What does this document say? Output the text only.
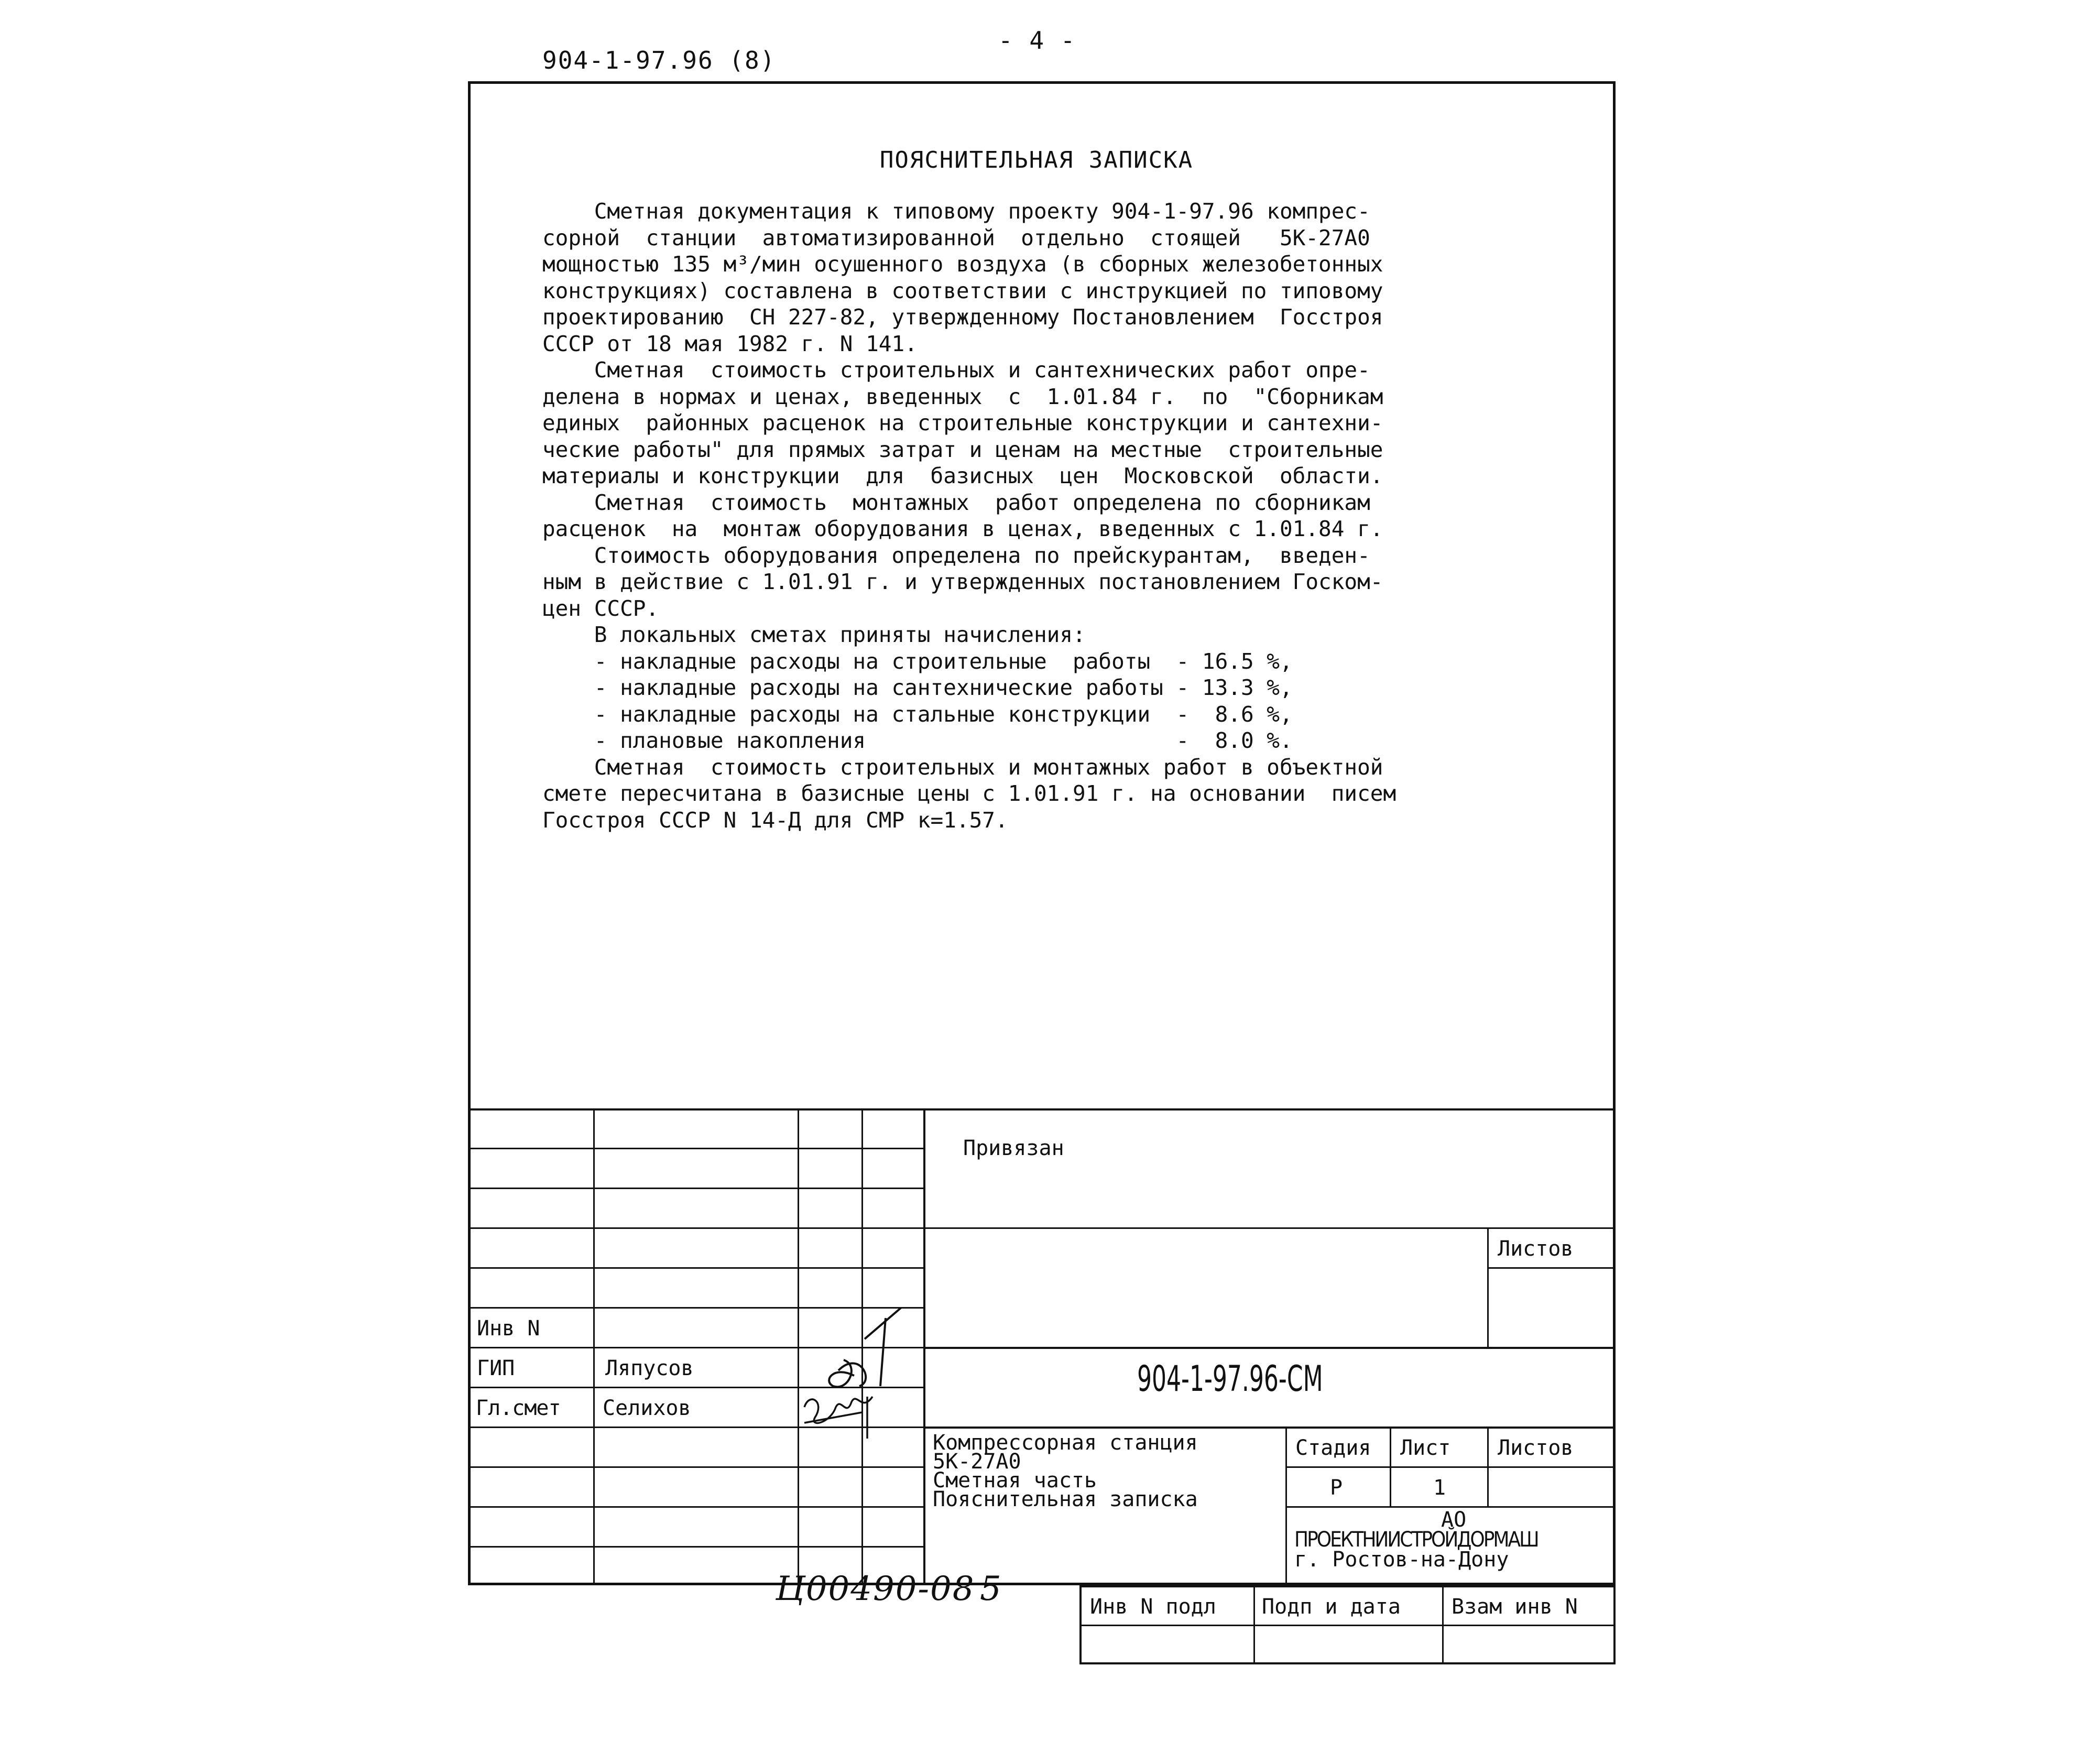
904-1-97.96 (8)
- 4 -
ПОЯСНИТЕЛЬНАЯ ЗАПИСКА
Сметная документация к типовому проекту 904-1-97.96 компрес-
сорной  станции  автоматизированной  отдельно  стоящей   5К-27А0
мощностью 135 м³/мин осушенного воздуха (в сборных железобетонных
конструкциях) составлена в соответствии с инструкцией по типовому
проектированию  СН 227-82, утвержденному Постановлением  Госстроя
СССР от 18 мая 1982 г. N 141.
Сметная  стоимость строительных и сантехнических работ опре-
делена в нормах и ценах, введенных  с  1.01.84 г.  по  "Сборникам
единых  районных расценок на строительные конструкции и сантехни-
ческие работы" для прямых затрат и ценам на местные  строительные
материалы и конструкции  для  базисных  цен  Московской  области.
Сметная  стоимость  монтажных  работ определена по сборникам
расценок  на  монтаж оборудования в ценах, введенных с 1.01.84 г.
Стоимость оборудования определена по прейскурантам,  введен-
ным в действие с 1.01.91 г. и утвержденных постановлением Госком-
цен СССР.
В локальных сметах приняты начисления:
- накладные расходы на строительные  работы  - 16.5 %,
- накладные расходы на сантехнические работы - 13.3 %,
- накладные расходы на стальные конструкции  -  8.6 %,
- плановые накопления                        -  8.0 %.
Сметная  стоимость строительных и монтажных работ в объектной
смете пересчитана в базисные цены с 1.01.91 г. на основании  писем
Госстроя СССР N 14-Д для СМР к=1.57.
Привязан
Листов
Инв N
ГИП	Ляпусов
Гл.смет Селихов
904-1-97.96-СМ
Компрессорная станция
5К-27А0
Сметная часть
Пояснительная записка
Стадия Лист Листов
Р	1
АО
ПРОЕКТНИИСТРОЙДОРМАШ
г. Ростов-на-Дону
Инв N подл Подп и дата Взам инв N
Ц00490-08 5
